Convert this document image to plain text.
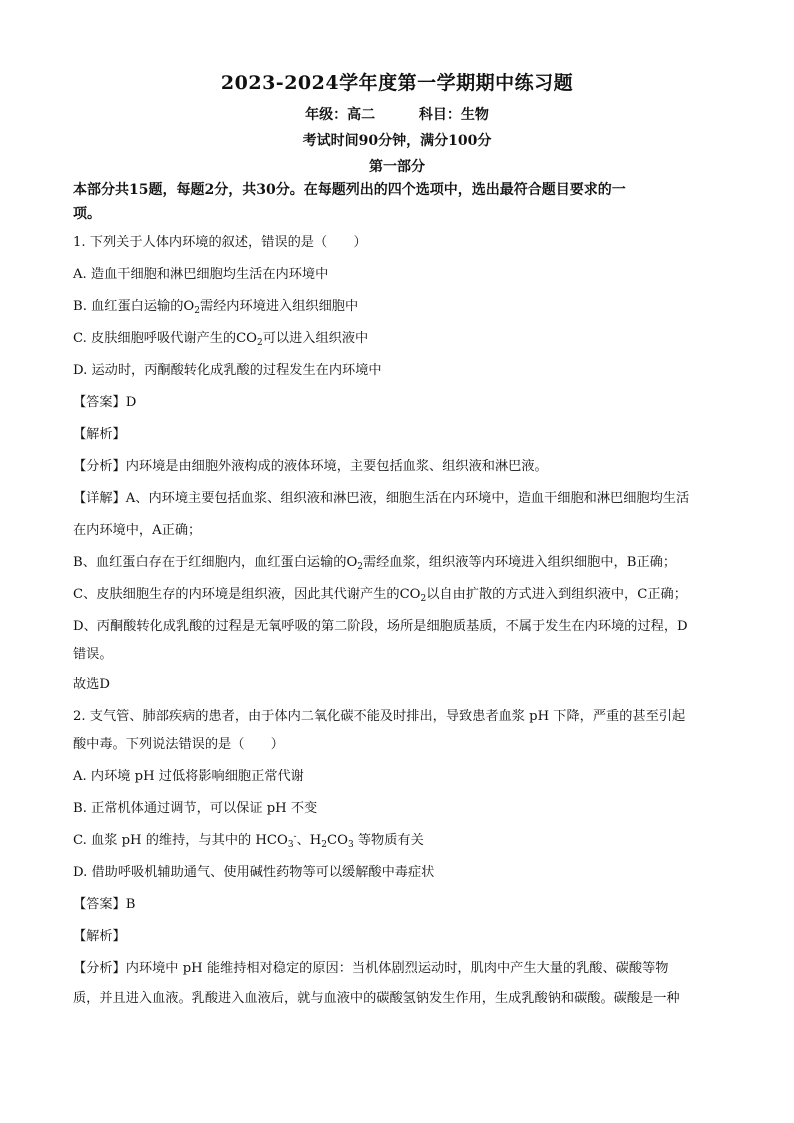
2023-2024学年度第一学期期中练习题
年级：高二	科目：生物
考试时间90分钟，满分100分
第一部分
本部分共15题，每题2分，共30分。在每题列出的四个选项中，选出最符合题目要求的一
项。
1. 下列关于人体内环境的叙述，错误的是（　　）
A. 造血干细胞和淋巴细胞均生活在内环境中
B. 血红蛋白运输的$O_2$需经内环境进入组织细胞中
C. 皮肤细胞呼吸代谢产生的$CO_2$可以进入组织液中
D. 运动时，丙酮酸转化成乳酸的过程发生在内环境中
【答案】D
【解析】
【分析】内环境是由细胞外液构成的液体环境，主要包括血浆、组织液和淋巴液。
【详解】A、内环境主要包括血浆、组织液和淋巴液，细胞生活在内环境中，造血干细胞和淋巴细胞均生活
在内环境中，A正确；
B、血红蛋白存在于红细胞内，血红蛋白运输的$O_2$需经血浆，组织液等内环境进入组织细胞中，B正确；
C、皮肤细胞生存的内环境是组织液，因此其代谢产生的$CO_2$以自由扩散的方式进入到组织液中，C正确；
D、丙酮酸转化成乳酸的过程是无氧呼吸的第二阶段，场所是细胞质基质，不属于发生在内环境的过程，D
错误。
故选D
2. 支气管、肺部疾病的患者，由于体内二氧化碳不能及时排出，导致患者血浆 pH 下降，严重的甚至引起
酸中毒。下列说法错误的是（　　）
A. 内环境 pH 过低将影响细胞正常代谢
B. 正常机体通过调节，可以保证 pH 不变
C. 血浆 pH 的维持，与其中的 $HCO_3^-$、$H_2CO_3$ 等物质有关
D. 借助呼吸机辅助通气、使用碱性药物等可以缓解酸中毒症状
【答案】B
【解析】
【分析】内环境中 pH 能维持相对稳定的原因：当机体剧烈运动时，肌肉中产生大量的乳酸、碳酸等物
质，并且进入血液。乳酸进入血液后，就与血液中的碳酸氢钠发生作用，生成乳酸钠和碳酸。碳酸是一种
